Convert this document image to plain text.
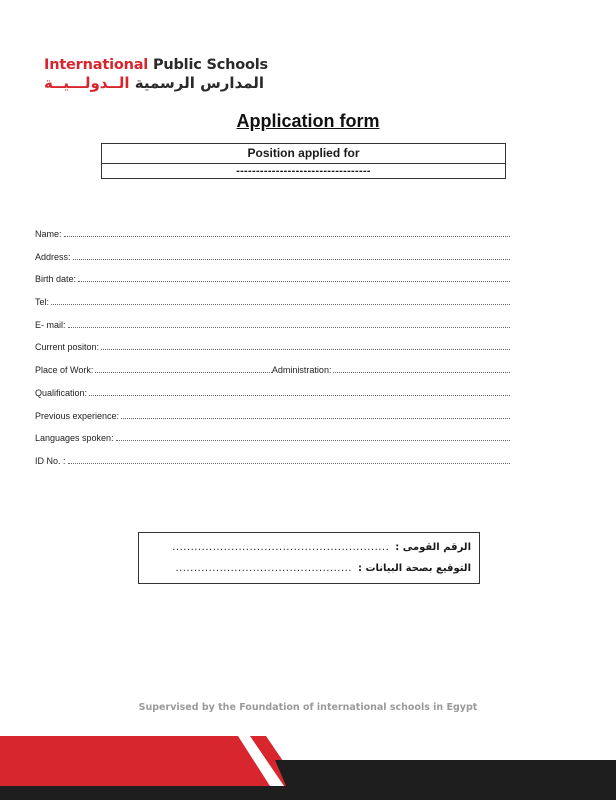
International Public Schools
المدارس الرسمية الــدولـــيــة
Application form
Position applied for
----------------------------------
Name:
Address:
Birth date:
Tel:
E- mail:
Current positon:
Place of Work:	Administration:
Qualification:
Previous experience:
Languages spoken:
ID No. :
الرقم القومى :
...........................................................
التوقيع بصحة البيانات :
................................................
Supervised by the Foundation of international schools in Egypt
